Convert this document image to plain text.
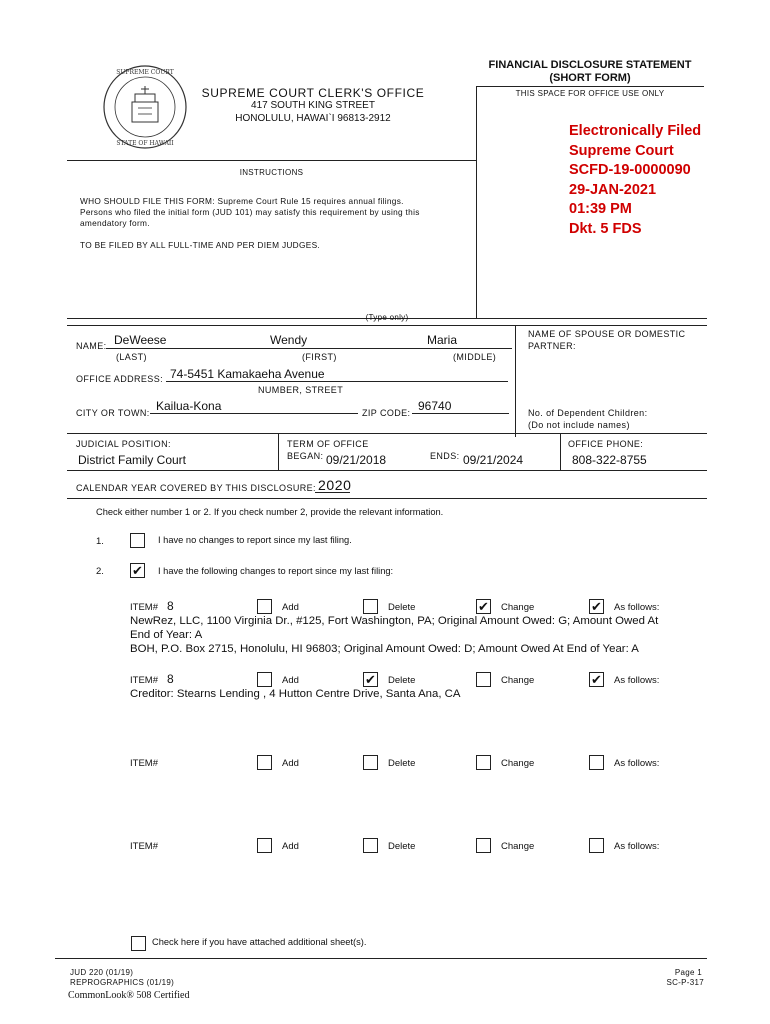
SUPREME COURT
STATE OF HAWAII
FINANCIAL DISCLOSURE STATEMENT
(SHORT FORM)
THIS SPACE FOR OFFICE USE ONLY
SUPREME COURT CLERK'S OFFICE
417 SOUTH KING STREET
HONOLULU, HAWAI`I 96813-2912
Electronically Filed
Supreme Court
SCFD-19-0000090
29-JAN-2021
01:39 PM
Dkt. 5 FDS
INSTRUCTIONS
WHO SHOULD FILE THIS FORM: Supreme Court Rule 15 requires annual filings.
Persons who filed the initial form (JUD 101) may satisfy this requirement by using this
amendatory form.
TO BE FILED BY ALL FULL-TIME AND PER DIEM JUDGES.
(Type only)
NAME: DeWeese	Wendy	Maria
(LAST)	(FIRST)	(MIDDLE)
NAME OF SPOUSE OR DOMESTIC
PARTNER:
OFFICE ADDRESS: 74-5451 Kamakaeha Avenue
NUMBER, STREET
CITY OR TOWN: Kailua-Kona	ZIP CODE: 96740	No. of Dependent Children:
(Do not include names)
JUDICIAL POSITION:
District Family Court
TERM OF OFFICE
BEGAN: 09/21/2018	ENDS: 09/21/2024
OFFICE PHONE:
808-322-8755
CALENDAR YEAR COVERED BY THIS DISCLOSURE: 2020
Check either number 1 or 2. If you check number 2, provide the relevant information.
1.	I have no changes to report since my last filing.
2. ✔ I have the following changes to report since my last filing:
ITEM# 8	Add	Delete	✔ Change	✔ As follows:
NewRez, LLC, 1100 Virginia Dr., #125, Fort Washington, PA; Original Amount Owed: G; Amount Owed At
End of Year: A
BOH, P.O. Box 2715, Honolulu, HI 96803; Original Amount Owed: D; Amount Owed At End of Year: A
ITEM# 8	Add	✔ Delete	Change	✔ As follows:
Creditor: Stearns Lending , 4 Hutton Centre Drive, Santa Ana, CA
ITEM#	Add	Delete	Change	As follows:
ITEM#	Add	Delete	Change	As follows:
Check here if you have attached additional sheet(s).
JUD 220 (01/19)
REPROGRAPHICS (01/19)
CommonLook® 508 Certified
Page 1
SC-P-317
